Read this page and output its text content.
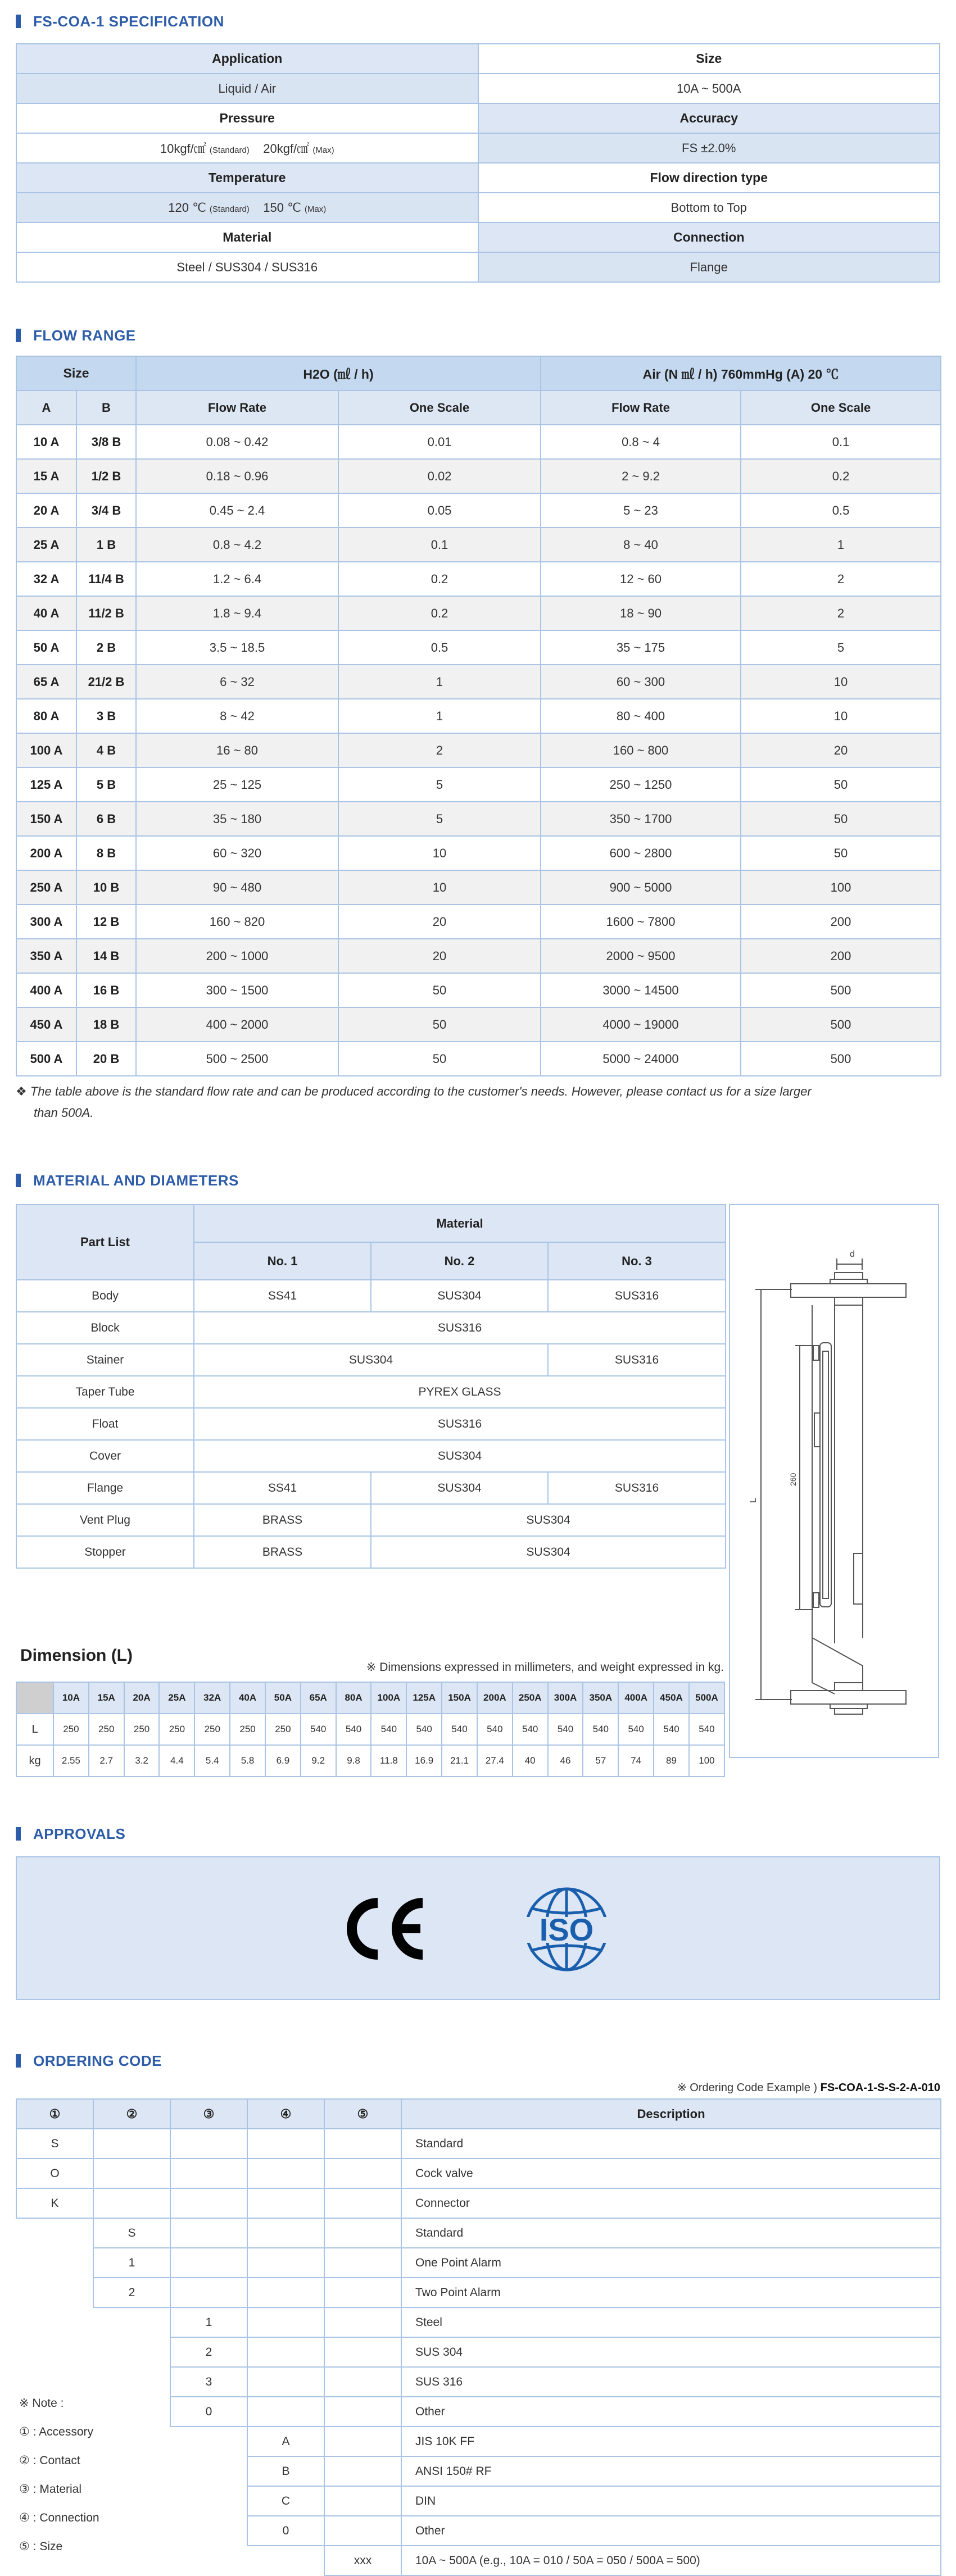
FS-COA-1 SPECIFICATION
Application	Size
Liquid / Air	10A ~ 500A
Pressure	Accuracy
10kgf/㎠ (Standard) 20kgf/㎠ (Max)	FS ±2.0%
Temperature	Flow direction type
120 ℃ (Standard) 150 ℃ (Max)	Bottom to Top
Material	Connection
Steel / SUS304 / SUS316	Flange
FLOW RANGE
Size		H2O (㎖ / h)		Air (N ㎖ / h) 760mmHg (A) 20 ℃	
A	B	Flow Rate	One Scale	Flow Rate	One Scale
10 A	3/8 B	0.08 ~ 0.42	0.01	0.8 ~ 4	0.1
15 A	1/2 B	0.18 ~ 0.96	0.02	2 ~ 9.2	0.2
20 A	3/4 B	0.45 ~ 2.4	0.05	5 ~ 23	0.5
25 A	1 B	0.8 ~ 4.2	0.1	8 ~ 40	1
32 A	11/4 B	1.2 ~ 6.4	0.2	12 ~ 60	2
40 A	11/2 B	1.8 ~ 9.4	0.2	18 ~ 90	2
50 A	2 B	3.5 ~ 18.5	0.5	35 ~ 175	5
65 A	21/2 B	6 ~ 32	1	60 ~ 300	10
80 A	3 B	8 ~ 42	1	80 ~ 400	10
100 A	4 B	16 ~ 80	2	160 ~ 800	20
125 A	5 B	25 ~ 125	5	250 ~ 1250	50
150 A	6 B	35 ~ 180	5	350 ~ 1700	50
200 A	8 B	60 ~ 320	10	600 ~ 2800	50
250 A	10 B	90 ~ 480	10	900 ~ 5000	100
300 A	12 B	160 ~ 820	20	1600 ~ 7800	200
350 A	14 B	200 ~ 1000	20	2000 ~ 9500	200
400 A	16 B	300 ~ 1500	50	3000 ~ 14500	500
450 A	18 B	400 ~ 2000	50	4000 ~ 19000	500
500 A	20 B	500 ~ 2500	50	5000 ~ 24000	500
❖ The table above is the standard flow rate and can be produced according to the customer's needs. However, please contact us for a size larger
than 500A.
MATERIAL AND DIAMETERS
Part List	Material		
	No. 1	No. 2	No. 3
Body	SS41	SUS304	SUS316
Block	SUS316		
Stainer	SUS304		SUS316
Taper Tube	PYREX GLASS		
Float	SUS316		
Cover	SUS304		
Flange	SS41	SUS304	SUS316
Vent Plug	BRASS	SUS304	
Stopper	BRASS	SUS304	
d
L
260
Dimension (L)
※ Dimensions expressed in millimeters, and weight expressed in kg.
	10A	15A	20A	25A	32A	40A	50A	65A	80A	100A	125A	150A	200A	250A	300A	350A	400A	450A	500A
L	250	250	250	250	250	250	250	540	540	540	540	540	540	540	540	540	540	540	540
kg	2.55	2.7	3.2	4.4	5.4	5.8	6.9	9.2	9.8	11.8	16.9	21.1	27.4	40	46	57	74	89	100
APPROVALS
CE
ISO
ORDERING CODE
※ Ordering Code Example ) FS-COA-1-S-S-2-A-010
①	②	③	④	⑤	Description
S					Standard
O					Cock valve
K					Connector
	S				Standard
	1				One Point Alarm
	2				Two Point Alarm
		1			Steel
		2			SUS 304
		3			SUS 316
		0			Other
			A		JIS 10K FF
			B		ANSI 150# RF
			C		DIN
			0		Other
				xxx	10A ~ 500A (e.g., 10A = 010 / 50A = 050 / 500A = 500)
※ Note :
① : Accessory
② : Contact
③ : Material
④ : Connection
⑤ : Size
